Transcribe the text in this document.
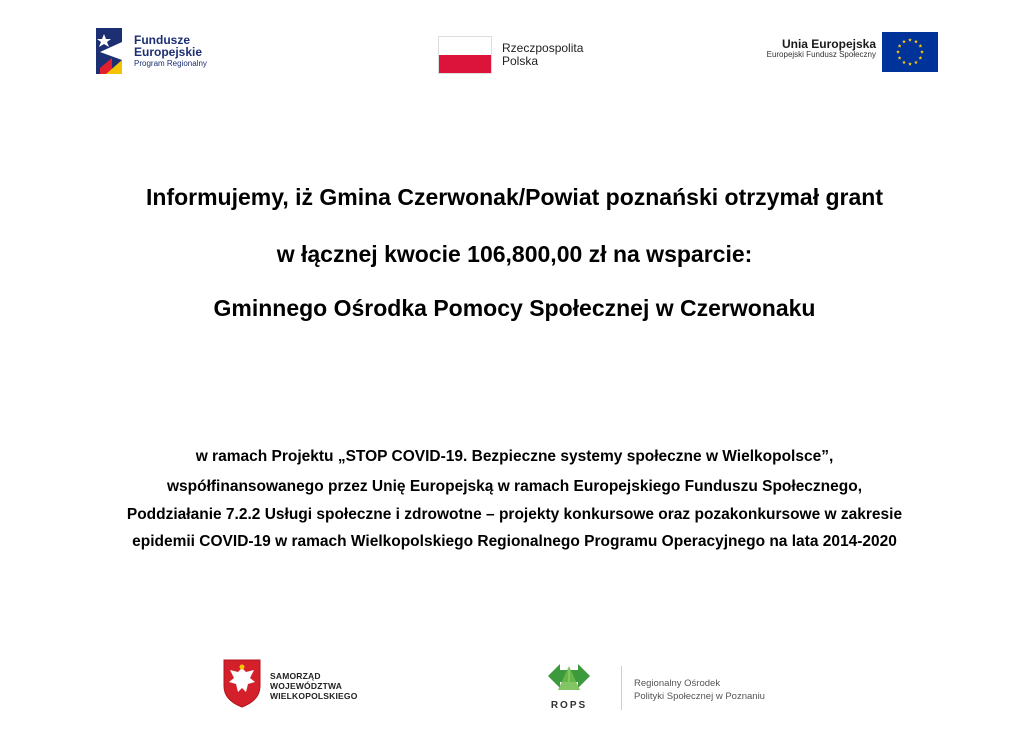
Fundusze
Europejskie
Program Regionalny
Rzeczpospolita
Polska
Unia Europejska
Europejski Fundusz Społeczny
Informujemy, iż Gmina Czerwonak/Powiat poznański otrzymał grant
w łącznej kwocie 106,800,00 zł na wsparcie:
Gminnego Ośrodka Pomocy Społecznej w Czerwonaku
w ramach Projektu „STOP COVID-19. Bezpieczne systemy społeczne w Wielkopolsce”,
współfinansowanego przez Unię Europejską w ramach Europejskiego Funduszu Społecznego,
Poddziałanie 7.2.2 Usługi społeczne i zdrowotne – projekty konkursowe oraz pozakonkursowe w zakresie
epidemii COVID-19 w ramach Wielkopolskiego Regionalnego Programu Operacyjnego na lata 2014-2020
SAMORZĄD WOJEWÓDZTWA
WIELKOPOLSKIEGO
ROPS
Regionalny Ośrodek
Polityki Społecznej w Poznaniu
